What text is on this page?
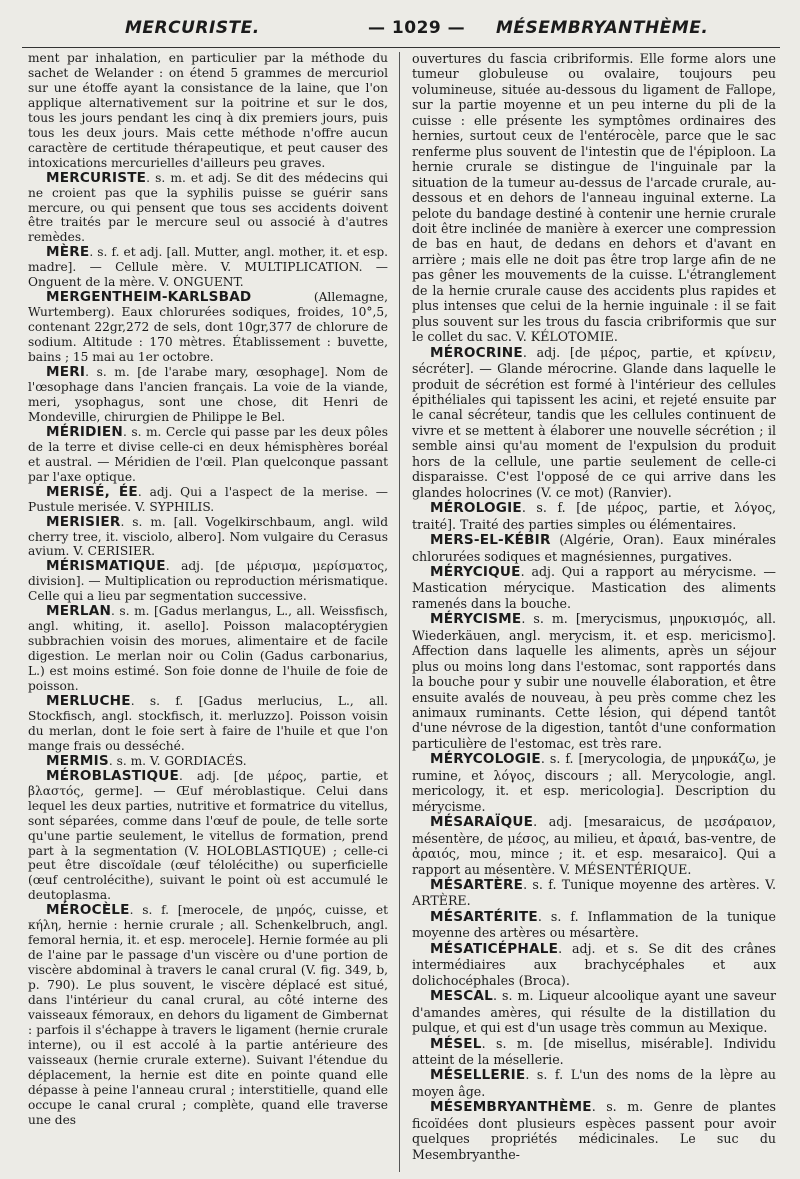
MERCURISTE.	— 1029 — MÉSEMBRYANTHÈME.

ment par inhalation, en particulier par la méthode du sachet de Welander : on étend 5 grammes de mercuriol sur une étoffe ayant la consistance de la laine, que l'on applique alternativement sur la poitrine et sur le dos, tous les jours pendant les cinq à dix premiers jours, puis tous les deux jours. Mais cette méthode n'offre aucun caractère de certitude thérapeutique, et peut causer des intoxications mercurielles d'ailleurs peu graves.

MERCURISTE. s. m. et adj. Se dit des médecins qui ne croient pas que la syphilis puisse se guérir sans mercure, ou qui pensent que tous ses accidents doivent être traités par le mercure seul ou associé à d'autres remèdes.

MÈRE. s. f. et adj. [all. Mutter, angl. mother, it. et esp. madre]. — Cellule mère. V. MULTIPLICATION. — Onguent de la mère. V. ONGUENT.

MERGENTHEIM-KARLSBAD (Allemagne, Wurtemberg). Eaux chlorurées sodiques, froides, 10°,5, contenant 22gr,272 de sels, dont 10gr,377 de chlorure de sodium. Altitude : 170 mètres. Établissement : buvette, bains ; 15 mai au 1er octobre.

MERI. s. m. [de l'arabe mary, œsophage]. Nom de l'œsophage dans l'ancien français. La voie de la viande, meri, ysophagus, sont une chose, dit Henri de Mondeville, chirurgien de Philippe le Bel.

MÉRIDIEN. s. m. Cercle qui passe par les deux pôles de la terre et divise celle-ci en deux hémisphères boréal et austral. — Méridien de l'œil. Plan quelconque passant par l'axe optique.

MERISÉ, ÉE. adj. Qui a l'aspect de la merise. — Pustule merisée. V. SYPHILIS.

MERISIER. s. m. [all. Vogelkirschbaum, angl. wild cherry tree, it. visciolo, albero]. Nom vulgaire du Cerasus avium. V. CERISIER.

MÉRISMATIQUE. adj. [de μέρισμα, μερίσματος, division]. — Multiplication ou reproduction mérismatique. Celle qui a lieu par segmentation successive.

MERLAN. s. m. [Gadus merlangus, L., all. Weissfisch, angl. whiting, it. asello]. Poisson malacoptérygien subbrachien voisin des morues, alimentaire et de facile digestion. Le merlan noir ou Colin (Gadus carbonarius, L.) est moins estimé. Son foie donne de l'huile de foie de poisson.

MERLUCHE. s. f. [Gadus merlucius, L., all. Stockfisch, angl. stockfisch, it. merluzzo]. Poisson voisin du merlan, dont le foie sert à faire de l'huile et que l'on mange frais ou desséché.

MERMIS. s. m. V. GORDIACÉS.

MÉROBLASTIQUE. adj. [de μέρος, partie, et βλαστός, germe]. — Œuf méroblastique. Celui dans lequel les deux parties, nutritive et formatrice du vitellus, sont séparées, comme dans l'œuf de poule, de telle sorte qu'une partie seulement, le vitellus de formation, prend part à la segmentation (V. HOLOBLASTIQUE) ; celle-ci peut être discoïdale (œuf télolécithe) ou superficielle (œuf centrolécithe), suivant le point où est accumulé le deutoplasma.

MÉROCÈLE. s. f. [merocele, de μηρός, cuisse, et κήλη, hernie : hernie crurale ; all. Schenkelbruch, angl. femoral hernia, it. et esp. merocele]. Hernie formée au pli de l'aine par le passage d'un viscère ou d'une portion de viscère abdominal à travers le canal crural (V. fig. 349, b, p. 790). Le plus souvent, le viscère déplacé est situé, dans l'intérieur du canal crural, au côté interne des vaisseaux fémoraux, en dehors du ligament de Gimbernat : parfois il s'échappe à travers le ligament (hernie crurale interne), ou il est accolé à la partie antérieure des vaisseaux (hernie crurale externe). Suivant l'étendue du déplacement, la hernie est dite en pointe quand elle dépasse à peine l'anneau crural ; interstitielle, quand elle occupe le canal crural ; complète, quand elle traverse une des

ouvertures du fascia cribriformis. Elle forme alors une tumeur globuleuse ou ovalaire, toujours peu volumineuse, située au-dessous du ligament de Fallope, sur la partie moyenne et un peu interne du pli de la cuisse : elle présente les symptômes ordinaires des hernies, surtout ceux de l'entérocèle, parce que le sac renferme plus souvent de l'intestin que de l'épiploon. La hernie crurale se distingue de l'inguinale par la situation de la tumeur au-dessus de l'arcade crurale, au-dessous et en dehors de l'anneau inguinal externe. La pelote du bandage destiné à contenir une hernie crurale doit être inclinée de manière à exercer une compression de bas en haut, de dedans en dehors et d'avant en arrière ; mais elle ne doit pas être trop large afin de ne pas gêner les mouvements de la cuisse. L'étranglement de la hernie crurale cause des accidents plus rapides et plus intenses que celui de la hernie inguinale : il se fait plus souvent sur les trous du fascia cribriformis que sur le collet du sac. V. KÉLOTOMIE.

MÉROCRINE. adj. [de μέρος, partie, et κρίνειν, sécréter]. — Glande mérocrine. Glande dans laquelle le produit de sécrétion est formé à l'intérieur des cellules épithéliales qui tapissent les acini, et rejeté ensuite par le canal sécréteur, tandis que les cellules continuent de vivre et se mettent à élaborer une nouvelle sécrétion ; il semble ainsi qu'au moment de l'expulsion du produit hors de la cellule, une partie seulement de celle-ci disparaisse. C'est l'opposé de ce qui arrive dans les glandes holocrines (V. ce mot) (Ranvier).

MÉROLOGIE. s. f. [de μέρος, partie, et λόγος, traité]. Traité des parties simples ou élémentaires.

MERS-EL-KÉBIR (Algérie, Oran). Eaux minérales chlorurées sodiques et magnésiennes, purgatives.

MÉRYCIQUE. adj. Qui a rapport au mérycisme. — Mastication mérycique. Mastication des aliments ramenés dans la bouche.

MÉRYCISME. s. m. [merycismus, μηρυκισμός, all. Wiederkäuen, angl. merycism, it. et esp. mericismo]. Affection dans laquelle les aliments, après un séjour plus ou moins long dans l'estomac, sont rapportés dans la bouche pour y subir une nouvelle élaboration, et être ensuite avalés de nouveau, à peu près comme chez les animaux ruminants. Cette lésion, qui dépend tantôt d'une névrose de la digestion, tantôt d'une conformation particulière de l'estomac, est très rare.

MÉRYCOLOGIE. s. f. [merycologia, de μηρυκάζω, je rumine, et λόγος, discours ; all. Merycologie, angl. mericology, it. et esp. mericologia]. Description du mérycisme.

MÉSARAÏQUE. adj. [mesaraicus, de μεσάραιον, mésentère, de μέσος, au milieu, et ἀραιά, bas-ventre, de ἀραιός, mou, mince ; it. et esp. mesaraico]. Qui a rapport au mésentère. V. MÉSENTÉRIQUE.

MÉSARTÈRE. s. f. Tunique moyenne des artères. V. ARTÈRE.

MÉSARTÉRITE. s. f. Inflammation de la tunique moyenne des artères ou mésartère.

MÉSATICÉPHALE. adj. et s. Se dit des crânes intermédiaires aux brachycéphales et aux dolichocéphales (Broca).

MESCAL. s. m. Liqueur alcoolique ayant une saveur d'amandes amères, qui résulte de la distillation du pulque, et qui est d'un usage très commun au Mexique.

MÉSEL. s. m. [de misellus, misérable]. Individu atteint de la mésellerie.

MÉSELLERIE. s. f. L'un des noms de la lèpre au moyen âge.

MÉSEMBRYANTHÈME. s. m. Genre de plantes ficoïdées dont plusieurs espèces passent pour avoir quelques propriétés médicinales. Le suc du Mesembryanthe-
